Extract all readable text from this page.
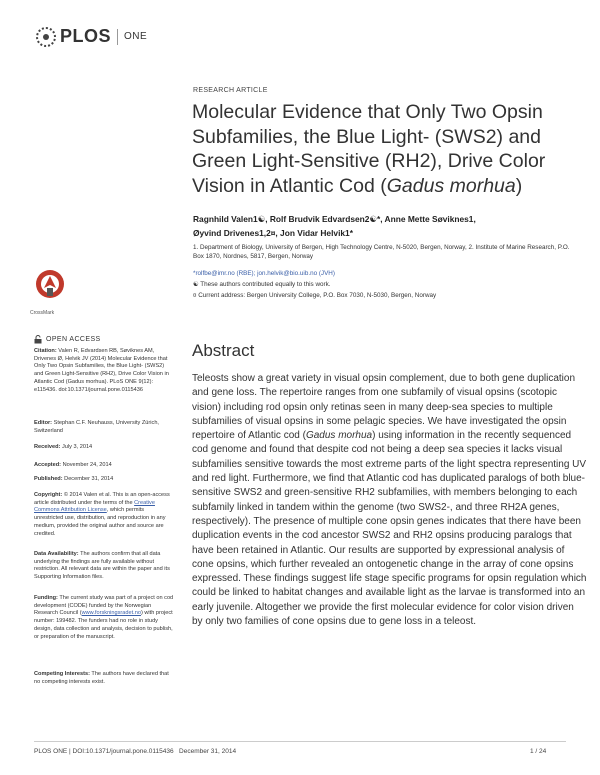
PLOS ONE
RESEARCH ARTICLE
Molecular Evidence that Only Two Opsin Subfamilies, the Blue Light- (SWS2) and Green Light-Sensitive (RH2), Drive Color Vision in Atlantic Cod (Gadus morhua)
Ragnhild Valen1☯, Rolf Brudvik Edvardsen2☯*, Anne Mette Søviknes1,
Øyvind Drivenes1,2¤, Jon Vidar Helvik1*
1. Department of Biology, University of Bergen, High Technology Centre, N-5020, Bergen, Norway, 2. Institute of Marine Research, P.O. Box 1870, Nordnes, 5817, Bergen, Norway
*rolfbe@imr.no (RBE); jon.helvik@bio.uib.no (JVH)
☯ These authors contributed equally to this work.
¤ Current address: Bergen University College, P.O. Box 7030, N-5030, Bergen, Norway
CrossMark
OPEN ACCESS
Citation: Valen R, Edvardsen RB, Søviknes AM, Drivenes Ø, Helvik JV (2014) Molecular Evidence that Only Two Opsin Subfamilies, the Blue Light- (SWS2) and Green Light-Sensitive (RH2), Drive Color Vision in Atlantic Cod (Gadus morhua). PLoS ONE 9(12): e115436. doi:10.1371/journal.pone.0115436
Editor: Stephan C.F. Neuhauss, University Zürich, Switzerland
Received: July 3, 2014
Accepted: November 24, 2014
Published: December 31, 2014
Copyright: © 2014 Valen et al. This is an open-access article distributed under the terms of the Creative Commons Attribution License, which permits unrestricted use, distribution, and reproduction in any medium, provided the original author and source are credited.
Data Availability: The authors confirm that all data underlying the findings are fully available without restriction. All relevant data are within the paper and its Supporting Information files.
Funding: The current study was part of a project on cod development (CODE) funded by the Norwegian Research Council (www.forskningsradet.no) with project number: 199482. The funders had no role in study design, data collection and analysis, decision to publish, or preparation of the manuscript.
Competing Interests: The authors have declared that no competing interests exist.
Abstract

Teleosts show a great variety in visual opsin complement, due to both gene duplication and gene loss. The repertoire ranges from one subfamily of visual opsins (scotopic vision) including rod opsin only retinas seen in many deep-sea species to multiple subfamilies of visual opsins in some pelagic species. We have investigated the opsin repertoire of Atlantic cod (Gadus morhua) using information in the recently sequenced cod genome and found that despite cod not being a deep sea species it lacks visual subfamilies sensitive towards the most extreme parts of the light spectra representing UV and red light. Furthermore, we find that Atlantic cod has duplicated paralogs of both blue-sensitive SWS2 and green-sensitive RH2 subfamilies, with members belonging to each subfamily linked in tandem within the genome (two SWS2-, and three RH2A genes, respectively). The presence of multiple cone opsin genes indicates that there have been duplication events in the cod ancestor SWS2 and RH2 opsins producing paralogs that have been retained in Atlantic. Our results are supported by expressional analysis of cone opsins, which further revealed an ontogenetic change in the array of cone opsins expressed. These findings suggest life stage specific programs for opsin regulation which could be linked to habitat changes and available light as the larvae is transformed into an early juvenile. Altogether we provide the first molecular evidence for color vision driven by only two families of cone opsins due to gene loss in a teleost.

PLOS ONE | DOI:10.1371/journal.pone.0115436   December 31, 2014	1 / 24
